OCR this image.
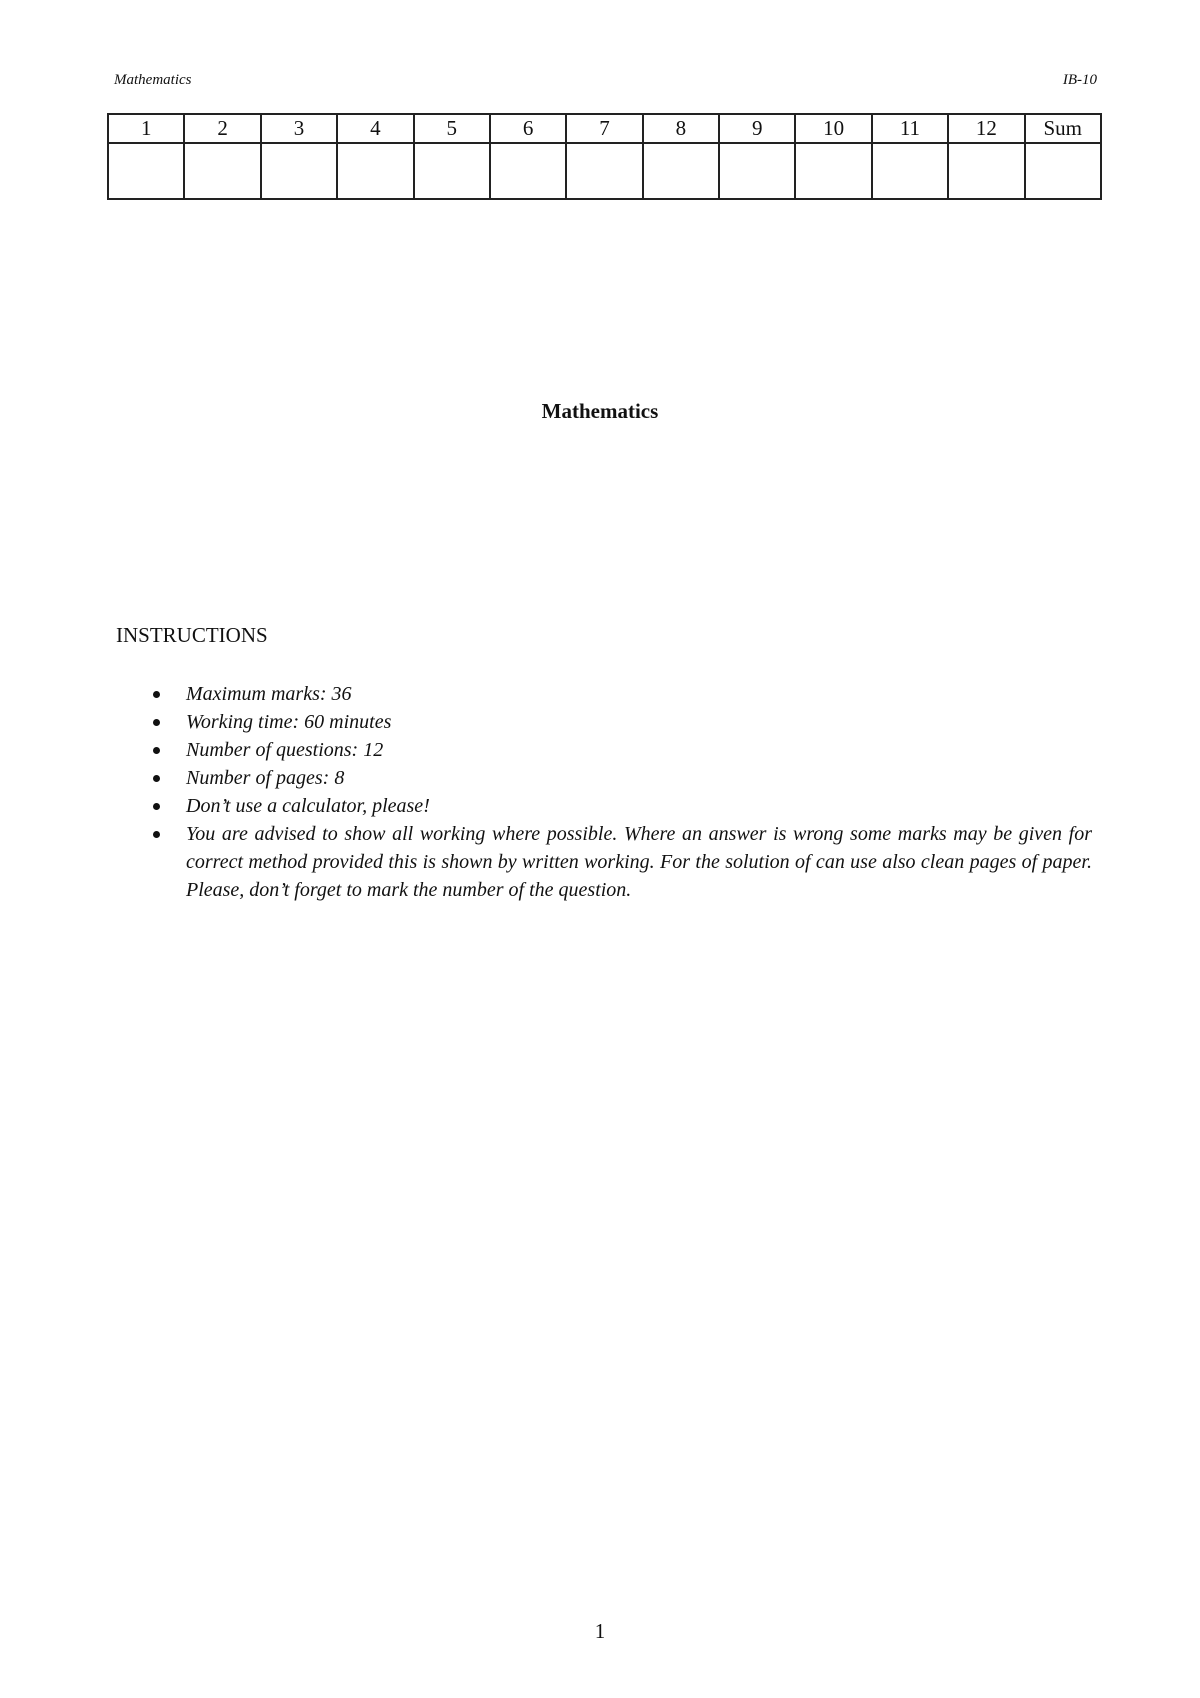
Mathematics	IB-10
1	2	3	4	5	6	7	8	9	10	11	12	Sum

Mathematics
INSTRUCTIONS
Maximum marks: 36
Working time: 60 minutes
Number of questions: 12
Number of pages: 8
Don’t use a calculator, please!
You are advised to show all working where possible. Where an answer is wrong some marks may be given for correct method provided this is shown by written working. For the solution of can use also clean pages of paper. Please, don’t forget to mark the number of the question.
1
